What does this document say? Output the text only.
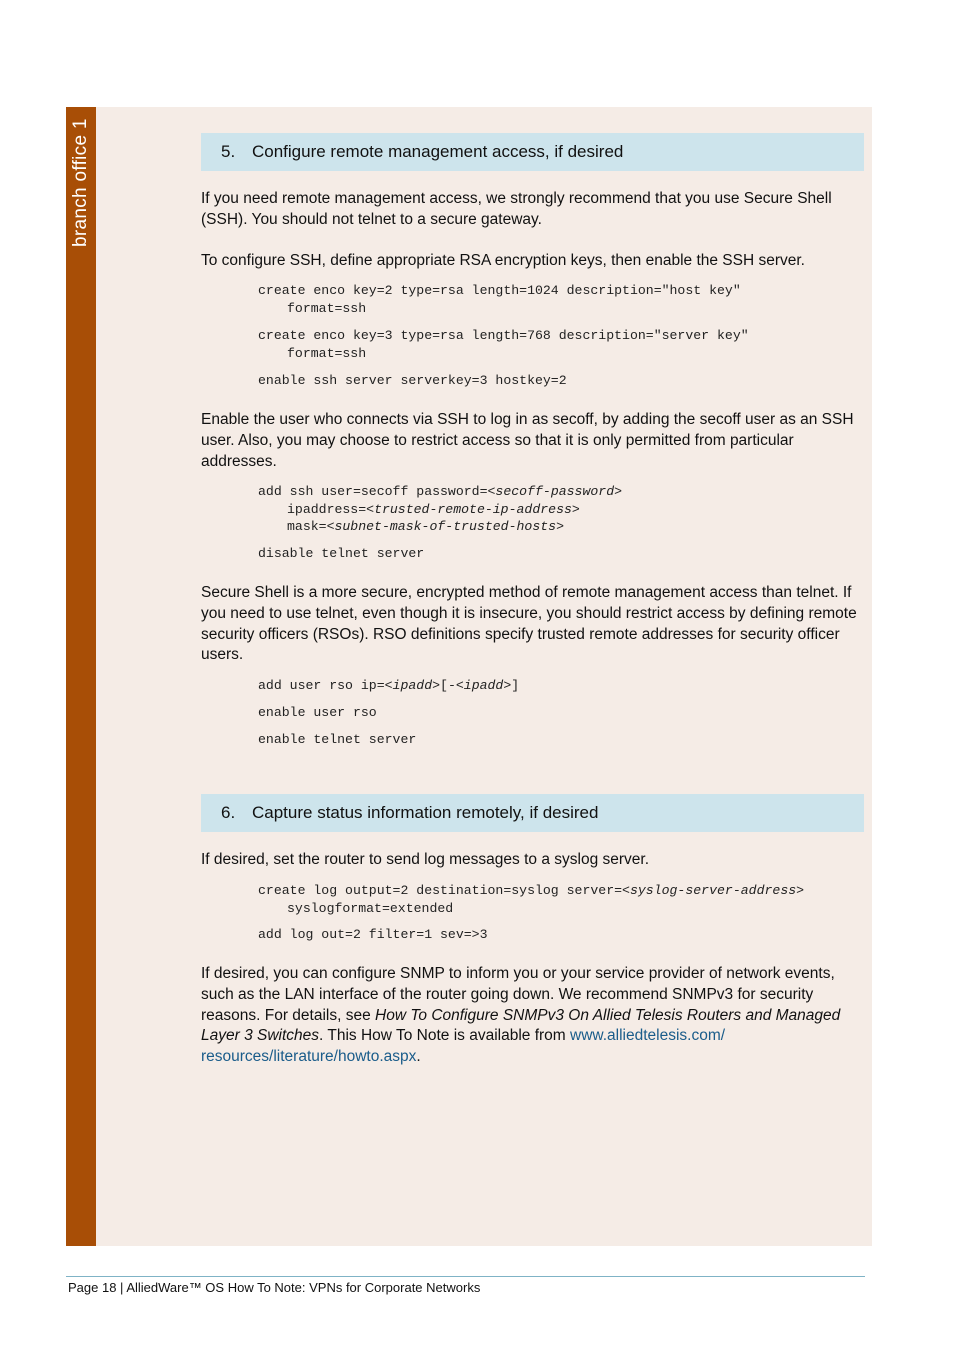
branch office 1	5. Configure remote management access, if desired

If you need remote management access, we strongly recommend that you use Secure Shell (SSH). You should not telnet to a secure gateway.

To configure SSH, define appropriate RSA encryption keys, then enable the SSH server.

create enco key=2 type=rsa length=1024 description="host key"
format=ssh
create enco key=3 type=rsa length=768 description="server key"
format=ssh
enable ssh server serverkey=3 hostkey=2

Enable the user who connects via SSH to log in as secoff, by adding the secoff user as an SSH user. Also, you may choose to restrict access so that it is only permitted from particular addresses.

add ssh user=secoff password=<secoff-password>
ipaddress=<trusted-remote-ip-address>
mask=<subnet-mask-of-trusted-hosts>
disable telnet server

Secure Shell is a more secure, encrypted method of remote management access than telnet. If you need to use telnet, even though it is insecure, you should restrict access by defining remote security officers (RSOs). RSO definitions specify trusted remote addresses for security officer users.

add user rso ip=<ipadd>[-<ipadd>]
enable user rso
enable telnet server
6. Capture status information remotely, if desired

If desired, set the router to send log messages to a syslog server.

create log output=2 destination=syslog server=<syslog-server-address>
syslogformat=extended
add log out=2 filter=1 sev=>3

If desired, you can configure SNMP to inform you or your service provider of network events, such as the LAN interface of the router going down. We recommend SNMPv3 for security reasons. For details, see How To Configure SNMPv3 On Allied Telesis Routers and Managed Layer 3 Switches. This How To Note is available from www.alliedtelesis.com/resources/literature/howto.aspx.

Page 18 | AlliedWare™ OS How To Note: VPNs for Corporate Networks
